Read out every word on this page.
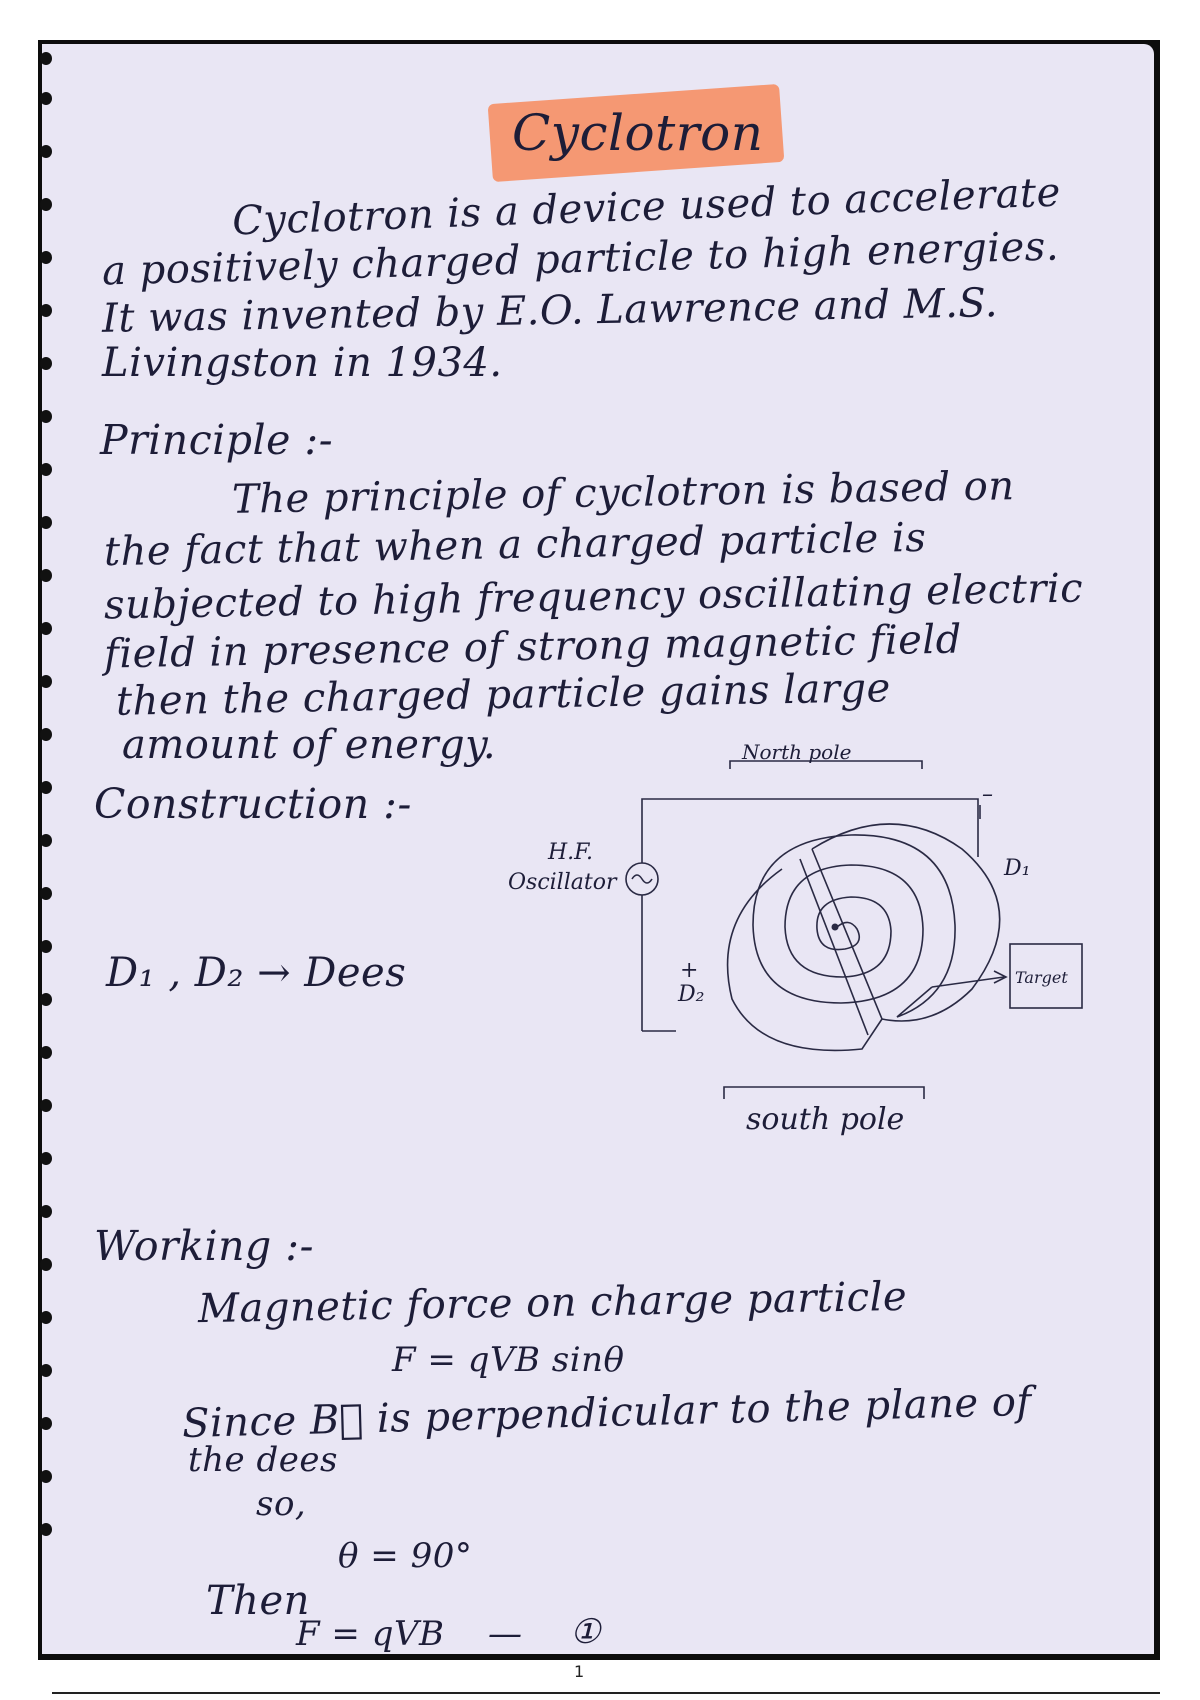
Cyclotron
Cyclotron is a device used to accelerate
a positively charged particle to high energies.
It was invented by E.O. Lawrence and M.S.
Livingston in 1934.
Principle :-
The principle of cyclotron is based on
the fact that when a charged particle is
subjected to high frequency oscillating electric
field in presence of strong magnetic field
then the charged particle gains large
amount of energy.
Construction :-
D₁ , D₂ → Dees
Working :-
Magnetic force on charge particle
F = qVB sinθ
Since B⃗ is perpendicular to the plane of
the dees
so,
θ = 90°
Then
F = qVB — ①
North pole
H.F.
Oscillator
D₁
D₂
+
–
Target
south pole
1
